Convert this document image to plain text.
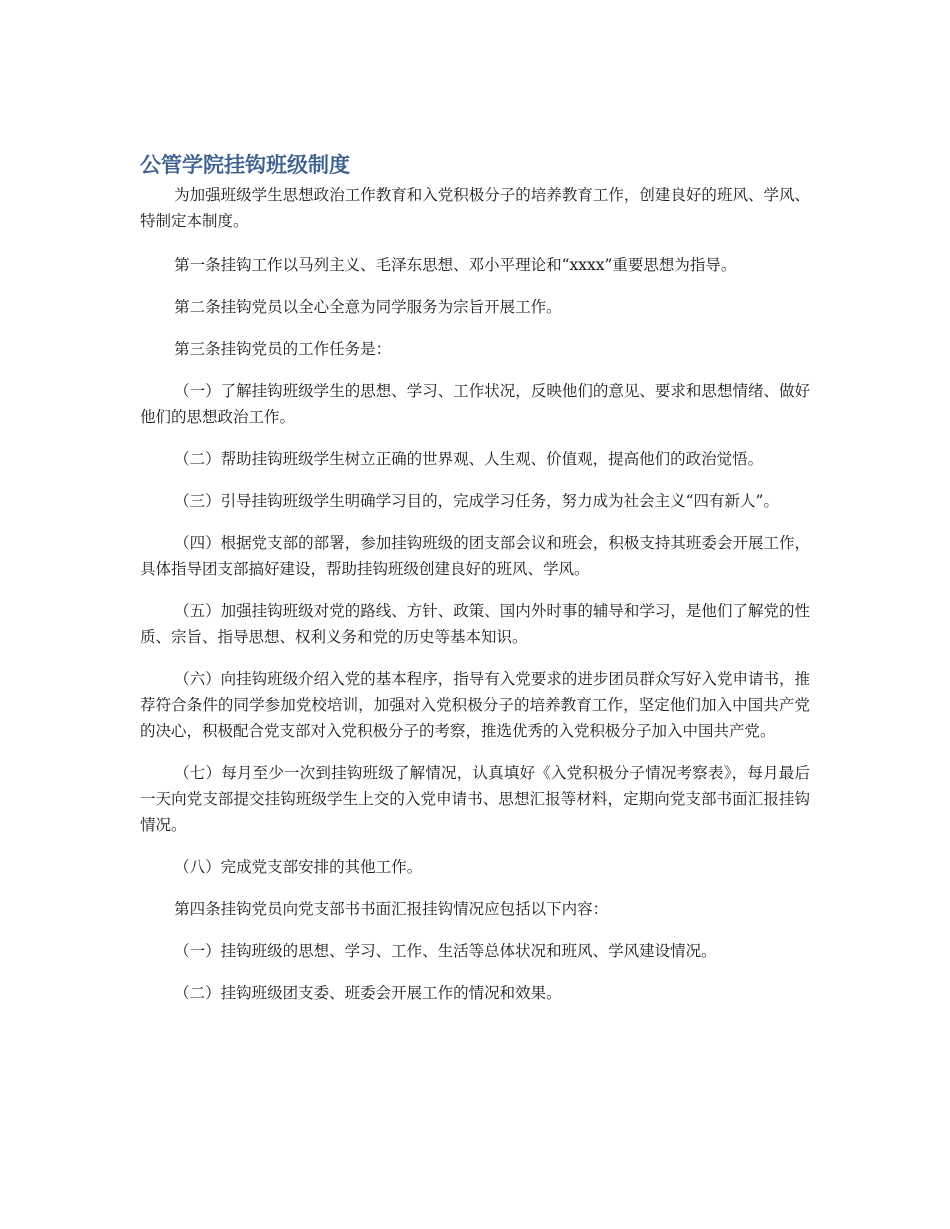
公管学院挂钩班级制度

为加强班级学生思想政治工作教育和入党积极分子的培养教育工作，创建良好的班风、学风、特制定本制度。

第一条挂钩工作以马列主义、毛泽东思想、邓小平理论和“xxxx”重要思想为指导。

第二条挂钩党员以全心全意为同学服务为宗旨开展工作。

第三条挂钩党员的工作任务是：

（一）了解挂钩班级学生的思想、学习、工作状况，反映他们的意见、要求和思想情绪、做好他们的思想政治工作。

（二）帮助挂钩班级学生树立正确的世界观、人生观、价值观，提高他们的政治觉悟。

（三）引导挂钩班级学生明确学习目的，完成学习任务，努力成为社会主义“四有新人”。

（四）根据党支部的部署，参加挂钩班级的团支部会议和班会，积极支持其班委会开展工作，具体指导团支部搞好建设，帮助挂钩班级创建良好的班风、学风。

（五）加强挂钩班级对党的路线、方针、政策、国内外时事的辅导和学习，是他们了解党的性质、宗旨、指导思想、权利义务和党的历史等基本知识。

（六）向挂钩班级介绍入党的基本程序，指导有入党要求的进步团员群众写好入党申请书，推荐符合条件的同学参加党校培训，加强对入党积极分子的培养教育工作，坚定他们加入中国共产党的决心，积极配合党支部对入党积极分子的考察，推选优秀的入党积极分子加入中国共产党。

（七）每月至少一次到挂钩班级了解情况，认真填好《入党积极分子情况考察表》，每月最后一天向党支部提交挂钩班级学生上交的入党申请书、思想汇报等材料，定期向党支部书面汇报挂钩情况。

（八）完成党支部安排的其他工作。

第四条挂钩党员向党支部书书面汇报挂钩情况应包括以下内容：

（一）挂钩班级的思想、学习、工作、生活等总体状况和班风、学风建设情况。

（二）挂钩班级团支委、班委会开展工作的情况和效果。
